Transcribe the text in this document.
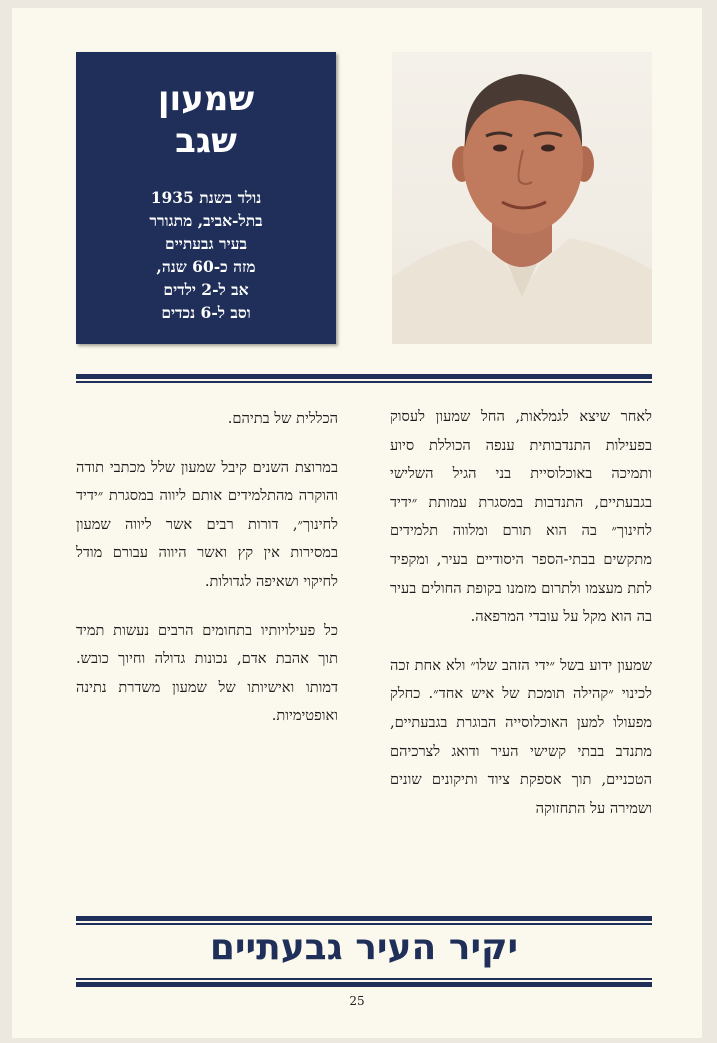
שמעון
שגב
נולד בשנת 1935
בתל-אביב, מתגורר
בעיר גבעתיים
מזה כ-60 שנה,
אב ל-2 ילדים
וסב ל-6 נכדים

לאחר שיצא לגמלאות, החל שמעון לעסוק בפעילות התנדבותית ענפה הכוללת סיוע ותמיכה באוכלוסיית בני הגיל השלישי בגבעתיים, התנדבות במסגרת עמותת ״ידיד לחינוך״ בה הוא תורם ומלווה תלמידים מתקשים בבתי-הספר היסודיים בעיר, ומקפיד לתת מעצמו ולתרום מזמנו בקופת החולים בעיר בה הוא מקל על עובדי המרפאה.

שמעון ידוע בשל ״ידי הזהב שלו״ ולא אחת זכה לכינוי ״קהילה תומכת של איש אחד״. כחלק מפעולו למען האוכלוסייה הבוגרת בגבעתיים, מתנדב בבתי קשישי העיר ודואג לצרכיהם הטכניים, תוך אספקת ציוד ותיקונים שונים ושמירה על התחזוקה

הכללית של בתיהם.

במרוצת השנים קיבל שמעון שלל מכתבי תודה והוקרה מהתלמידים אותם ליווה במסגרת ״ידיד לחינוך״, דורות רבים אשר ליווה שמעון במסירות אין קץ ואשר היווה עבורם מודל לחיקוי ושאיפה לגדולות.

כל פעילויותיו בתחומים הרבים נעשות תמיד תוך אהבת אדם, נכונות גדולה וחיוך כובש. דמותו ואישיותו של שמעון משדרת נתינה ואופטימיות.

יקיר העיר גבעתיים
25
